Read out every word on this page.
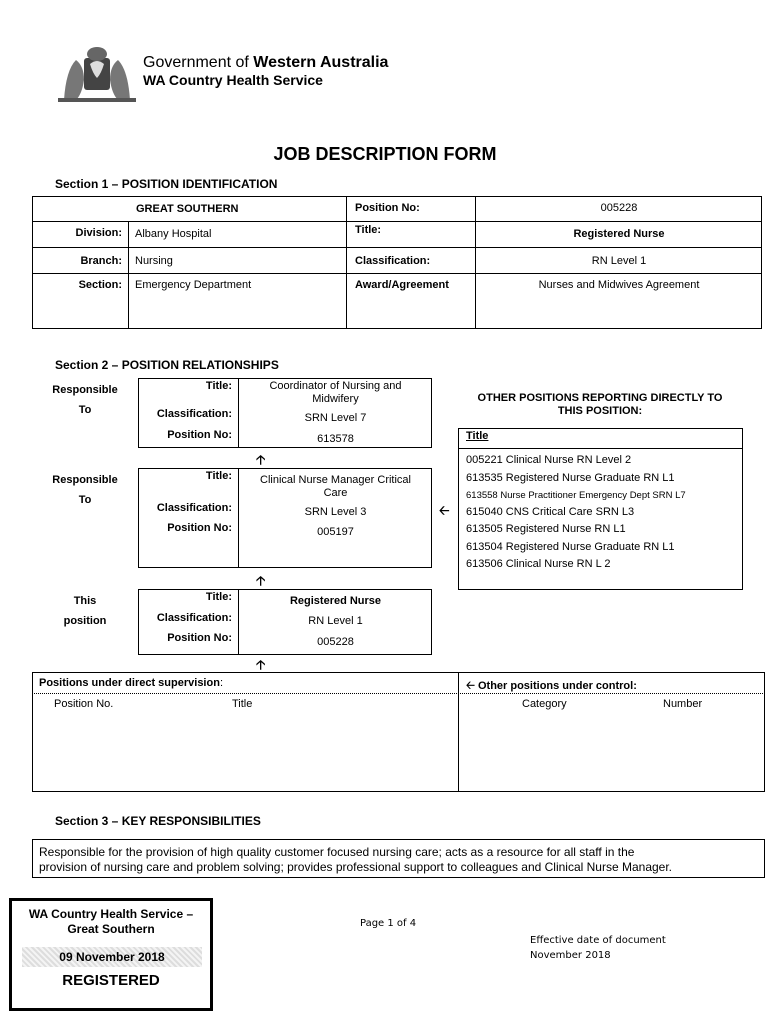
Government of Western Australia
WA Country Health Service
JOB DESCRIPTION FORM
Section 1 – POSITION IDENTIFICATION
GREAT SOUTHERN	Position No:	005228
Division: Albany Hospital	Title:	Registered Nurse
Branch: Nursing	Classification:	RN Level 1
Section: Emergency Department	Award/Agreement	Nurses and Midwives Agreement
Section 2 – POSITION RELATIONSHIPS
Responsible
To
Title:	Coordinator of Nursing and
Midwifery
Classification:	SRN Level 7
Position No:	613578
🡡
Responsible
To
Title:	Clinical Nurse Manager Critical
Care
Classification:	SRN Level 3
Position No:	005197
🡠
🡡
This
position
Title:	Registered Nurse
Classification:	RN Level 1
Position No:	005228
🡡
OTHER POSITIONS REPORTING DIRECTLY TO
THIS POSITION:
Title
005221 Clinical Nurse RN Level 2
613535 Registered Nurse Graduate RN L1
613558 Nurse Practitioner Emergency Dept SRN L7
615040 CNS Critical Care SRN L3
613505 Registered Nurse RN L1
613504 Registered Nurse Graduate RN L1
613506 Clinical Nurse RN L 2
Positions under direct supervision:	🡠 Other positions under control:
Position No.	Title	Category	Number
Section 3 – KEY RESPONSIBILITIES
Responsible for the provision of high quality customer focused nursing care; acts as a resource for all staff in the
provision of nursing care and problem solving; provides professional support to colleagues and Clinical Nurse Manager.
WA Country Health Service –
Great Southern
09 November 2018
REGISTERED
Page 1 of 4
Effective date of document
November 2018
